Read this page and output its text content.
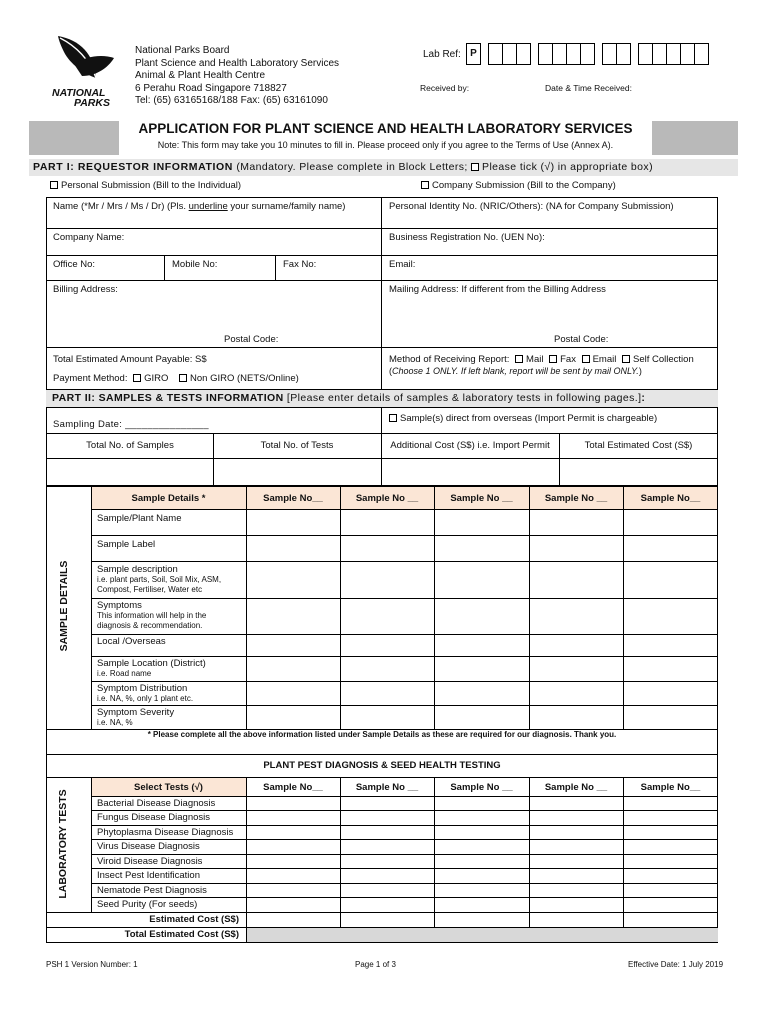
NATIONAL
PARKS
National Parks Board
Plant Science and Health Laboratory Services
Animal & Plant Health Centre
6 Perahu Road Singapore 718827
Tel: (65) 63165168/188 Fax: (65) 63161090
Lab Ref: P
Received by:	Date & Time Received:
APPLICATION FOR PLANT SCIENCE AND HEALTH LABORATORY SERVICES
Note: This form may take you 10 minutes to fill in. Please proceed only if you agree to the Terms of Use (Annex A).
PART I: REQUESTOR INFORMATION (Mandatory. Please complete in Block Letters; Please tick (√) in appropriate box)
Personal Submission (Bill to the Individual)	Company Submission (Bill to the Company)
Name (*Mr / Mrs / Ms / Dr) (Pls. underline your surname/family name)	Personal Identity No. (NRIC/Others): (NA for Company Submission)
Company Name:	Business Registration No. (UEN No):
Office No:	Mobile No:	Fax No:	Email:
Billing Address:	Mailing Address: If different from the Billing Address
Postal Code:	Postal Code:
Total Estimated Amount Payable: S$
Payment Method: GIRO Non GIRO (NETS/Online)
Method of Receiving Report: Mail Fax Email Self Collection
(Choose 1 ONLY. If left blank, report will be sent by mail ONLY.)
PART II: SAMPLES & TESTS INFORMATION [Please enter details of samples & laboratory tests in following pages.]:
Sampling Date: _______________
Sample(s) direct from overseas (Import Permit is chargeable)
Total No. of Samples	Total No. of Tests	Additional Cost (S$) i.e. Import Permit	Total Estimated Cost (S$)
SAMPLE DETAILS
Sample Details *	Sample No__	Sample No __	Sample No __	Sample No __	Sample No__
Sample/Plant Name
Sample Label
Sample description
i.e. plant parts, Soil, Soil Mix, ASM,
Compost, Fertiliser, Water etc
Symptoms
This information will help in the
diagnosis & recommendation.
Local /Overseas
Sample Location (District)
i.e. Road name
Symptom Distribution
i.e. NA, %, only 1 plant etc.
Symptom Severity
i.e. NA, %
* Please complete all the above information listed under Sample Details as these are required for our diagnosis. Thank you.
PLANT PEST DIAGNOSIS & SEED HEALTH TESTING
LABORATORY TESTS
Select Tests (√)	Sample No__	Sample No __	Sample No __	Sample No __	Sample No__
Bacterial Disease Diagnosis
Fungus Disease Diagnosis
Phytoplasma Disease Diagnosis
Virus Disease Diagnosis
Viroid Disease Diagnosis
Insect Pest Identification
Nematode Pest Diagnosis
Seed Purity (For seeds)
Estimated Cost (S$)
Total Estimated Cost (S$)
PSH 1 Version Number: 1	Page 1 of 3	Effective Date: 1 July 2019
